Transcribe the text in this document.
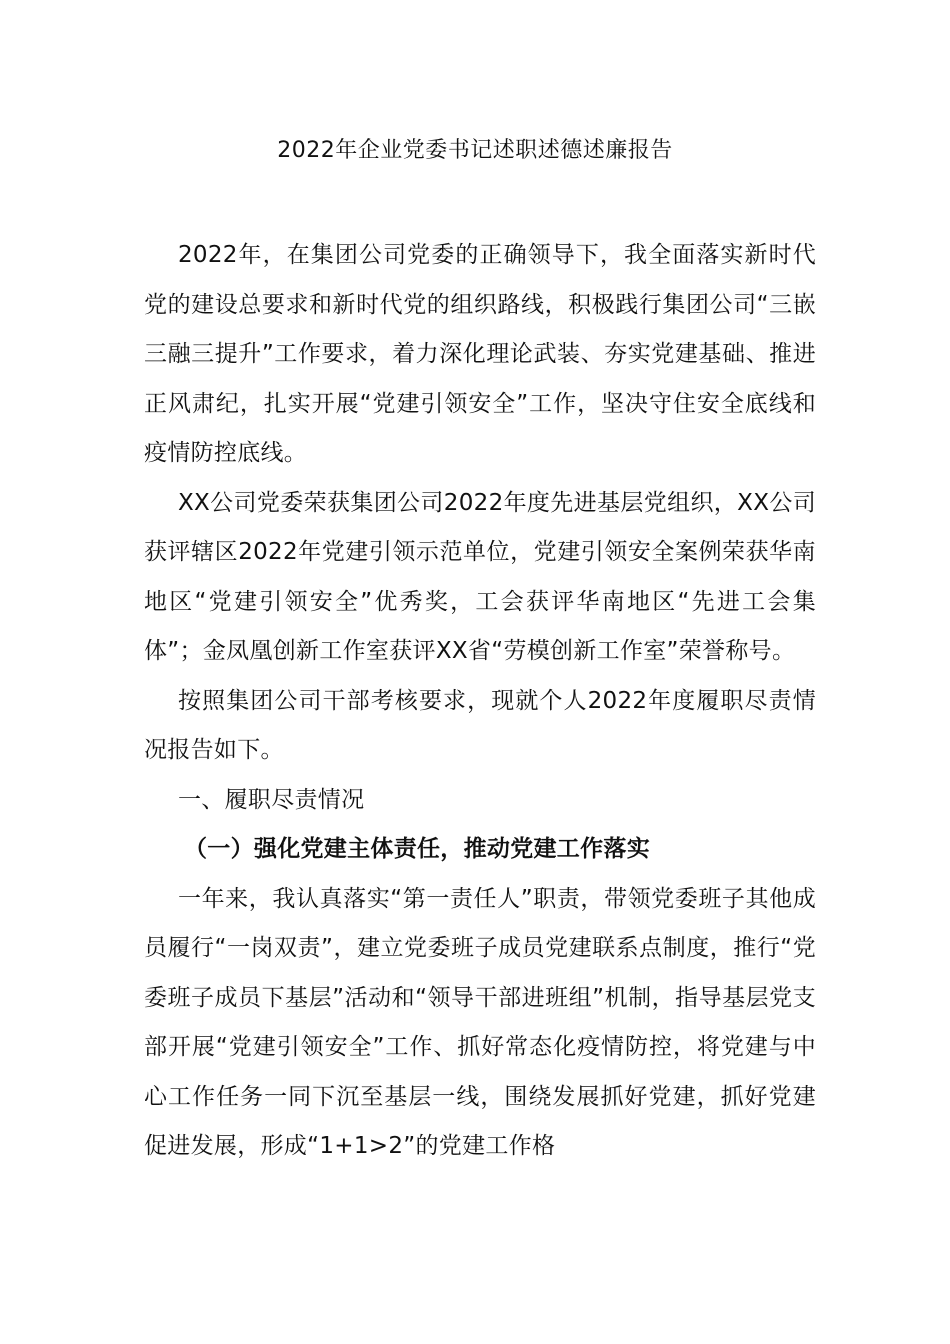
2022年企业党委书记述职述德述廉报告

2022年，在集团公司党委的正确领导下，我全面落实新时代党的建设总要求和新时代党的组织路线，积极践行集团公司“三嵌三融三提升”工作要求，着力深化理论武装、夯实党建基础、推进正风肃纪，扎实开展“党建引领安全”工作，坚决守住安全底线和疫情防控底线。

XX公司党委荣获集团公司2022年度先进基层党组织，XX公司获评辖区2022年党建引领示范单位，党建引领安全案例荣获华南地区“党建引领安全”优秀奖，工会获评华南地区“先进工会集体”；金凤凰创新工作室获评XX省“劳模创新工作室”荣誉称号。

按照集团公司干部考核要求，现就个人2022年度履职尽责情况报告如下。

一、履职尽责情况

（一）强化党建主体责任，推动党建工作落实

一年来，我认真落实“第一责任人”职责，带领党委班子其他成员履行“一岗双责”，建立党委班子成员党建联系点制度，推行“党委班子成员下基层”活动和“领导干部进班组”机制，指导基层党支部开展“党建引领安全”工作、抓好常态化疫情防控，将党建与中心工作任务一同下沉至基层一线，围绕发展抓好党建，抓好党建促进发展，形成“1+1>2”的党建工作格
